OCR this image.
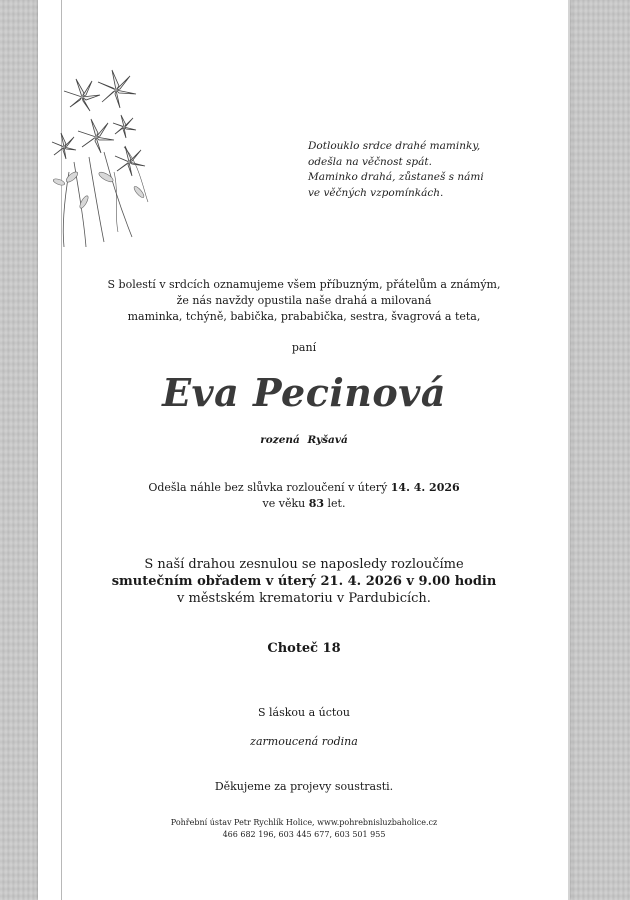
Dotlouklo srdce drahé maminky,
odešla na věčnost spát.
Maminko drahá, zůstaneš s námi
ve věčných vzpomínkách.
S bolestí v srdcích oznamujeme všem příbuzným, přátelům a známým,
že nás navždy opustila naše drahá a milovaná
maminka, tchýně, babička, prababička, sestra, švagrová a teta,
paní
Eva Pecinová
rozená Ryšavá
Odešla náhle bez slůvka rozloučení v úterý 14. 4. 2026
ve věku 83 let.
S naší drahou zesnulou se naposledy rozloučíme
smutečním obřadem v úterý 21. 4. 2026 v 9.00 hodin
v městském krematoriu v Pardubicích.
Choteč 18
S láskou a úctou
zarmoucená rodina
Děkujeme za projevy soustrasti.
Pohřební ústav Petr Rychlík Holice, www.pohrebnisluzbaholice.cz
466 682 196, 603 445 677, 603 501 955
